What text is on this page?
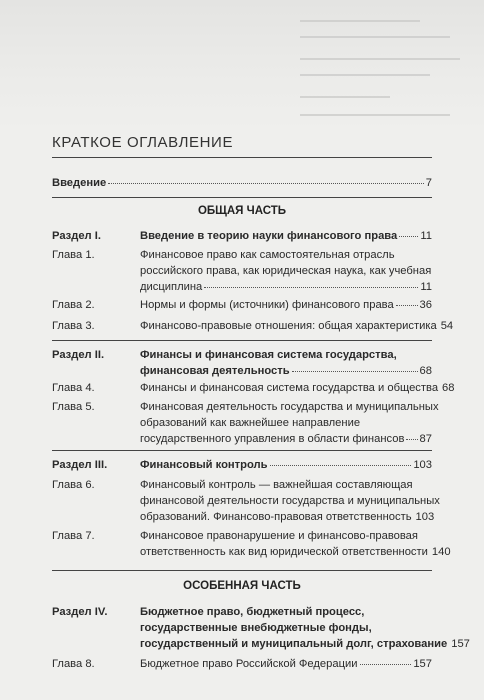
КРАТКОЕ ОГЛАВЛЕНИЕ
Введение	7
ОБЩАЯ ЧАСТЬ
Раздел I.	Введение в теорию науки финансового права 11
Глава 1.	Финансовое право как самостоятельная отрасль
российского права, как юридическая наука, как учебная
дисциплина	11
Глава 2.	Нормы и формы (источники) финансового права 36
Глава 3.	Финансово-правовые отношения: общая характеристика 54
Раздел II.	Финансы и финансовая система государства,
финансовая деятельность	68
Глава 4.	Финансы и финансовая система государства и общества 68
Глава 5.	Финансовая деятельность государства и муниципальных
образований как важнейшее направление
государственного управления в области финансов 87
Раздел III.	Финансовый контроль	103
Глава 6.	Финансовый контроль — важнейшая составляющая
финансовой деятельности государства и муниципальных
образований. Финансово-правовая ответственность 103
Глава 7.	Финансовое правонарушение и финансово-правовая
ответственность как вид юридической ответственности 140
ОСОБЕННАЯ ЧАСТЬ
Раздел IV.	Бюджетное право, бюджетный процесс,
государственные внебюджетные фонды,
государственный и муниципальный долг, страхование 157
Глава 8.	Бюджетное право Российской Федерации	157
